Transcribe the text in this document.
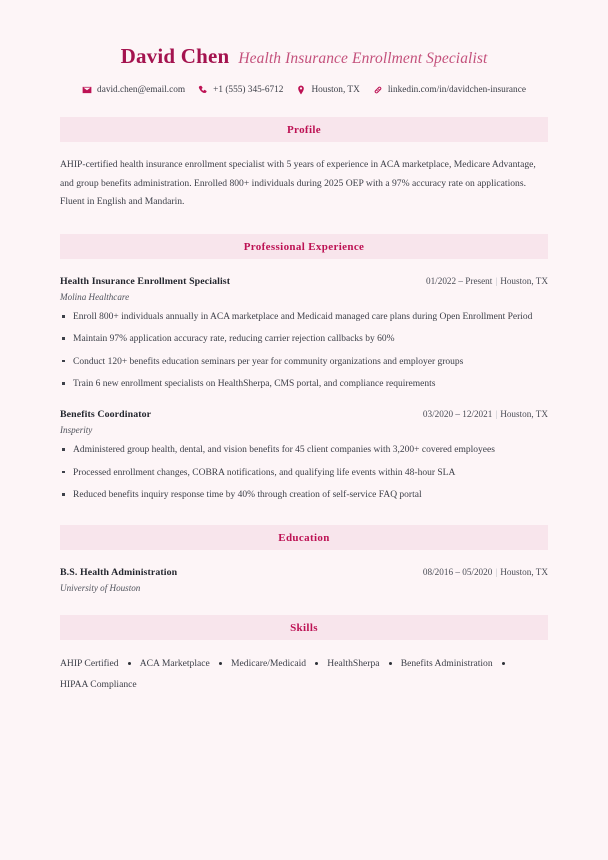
David Chen Health Insurance Enrollment Specialist
david.chen@email.com	+1 (555) 345-6712	Houston, TX	linkedin.com/in/davidchen-insurance
Profile
AHIP-certified health insurance enrollment specialist with 5 years of experience in ACA marketplace, Medicare Advantage, and group benefits administration. Enrolled 800+ individuals during 2025 OEP with a 97% accuracy rate on applications. Fluent in English and Mandarin.
Professional Experience
Health Insurance Enrollment Specialist	01/2022 – Present | Houston, TX
Molina Healthcare
Enroll 800+ individuals annually in ACA marketplace and Medicaid managed care plans during Open Enrollment Period
Maintain 97% application accuracy rate, reducing carrier rejection callbacks by 60%
Conduct 120+ benefits education seminars per year for community organizations and employer groups
Train 6 new enrollment specialists on HealthSherpa, CMS portal, and compliance requirements
Benefits Coordinator	03/2020 – 12/2021 | Houston, TX
Insperity
Administered group health, dental, and vision benefits for 45 client companies with 3,200+ covered employees
Processed enrollment changes, COBRA notifications, and qualifying life events within 48-hour SLA
Reduced benefits inquiry response time by 40% through creation of self-service FAQ portal
Education
B.S. Health Administration	08/2016 – 05/2020 | Houston, TX
University of Houston
Skills
AHIP Certified ACA Marketplace Medicare/Medicaid HealthSherpa Benefits AdministrationHIPAA Compliance
